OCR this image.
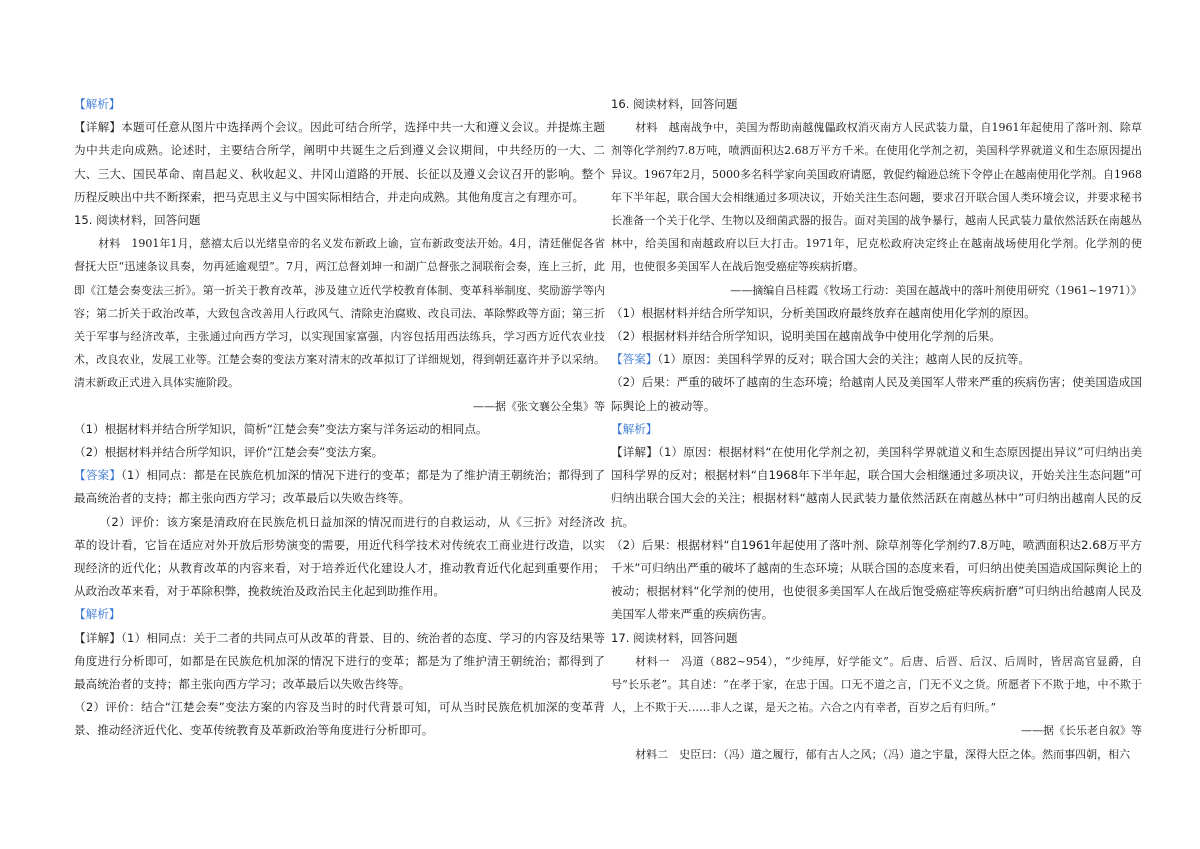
【解析】

【详解】本题可任意从图片中选择两个会议。因此可结合所学，选择中共一大和遵义会议。并提炼主题为中共走向成熟。论述时，主要结合所学，阐明中共诞生之后到遵义会议期间，中共经历的一大、二大、三大、国民革命、南昌起义、秋收起义、井冈山道路的开展、长征以及遵义会议召开的影响。整个历程反映出中共不断探索，把马克思主义与中国实际相结合，并走向成熟。其他角度言之有理亦可。

15. 阅读材料，回答问题

材料　1901年1月，慈禧太后以光绪皇帝的名义发布新政上谕，宣布新政变法开始。4月，清廷催促各省督抚大臣“迅速条议具奏，勿再延逾观望”。7月，两江总督刘坤一和湖广总督张之洞联衔会奏，连上三折，此即《江楚会奏变法三折》。第一折关于教育改革，涉及建立近代学校教育体制、变革科举制度、奖励游学等内容；第二折关于政治改革，大致包含改善用人行政风气、清除吏治腐败、改良司法、革除弊政等方面；第三折关于军事与经济改革，主张通过向西方学习，以实现国家富强，内容包括用西法练兵，学习西方近代农业技术，改良农业，发展工业等。江楚会奏的变法方案对清末的改革拟订了详细规划，得到朝廷嘉许并予以采纳。清末新政正式进入具体实施阶段。

——据《张文襄公全集》等

（1）根据材料并结合所学知识，简析“江楚会奏”变法方案与洋务运动的相同点。

（2）根据材料并结合所学知识，评价“江楚会奏”变法方案。

【答案】（1）相同点：都是在民族危机加深的情况下进行的变革；都是为了维护清王朝统治；都得到了最高统治者的支持；都主张向西方学习；改革最后以失败告终等。

（2）评价：该方案是清政府在民族危机日益加深的情况而进行的自救运动，从《三折》对经济改革的设计看，它旨在适应对外开放后形势演变的需要，用近代科学技术对传统农工商业进行改造，以实现经济的近代化；从教育改革的内容来看，对于培养近代化建设人才，推动教育近代化起到重要作用；从政治改革来看，对于革除积弊，挽救统治及政治民主化起到助推作用。

【解析】

【详解】（1）相同点：关于二者的共同点可从改革的背景、目的、统治者的态度、学习的内容及结果等角度进行分析即可，如都是在民族危机加深的情况下进行的变革；都是为了维护清王朝统治；都得到了最高统治者的支持；都主张向西方学习；改革最后以失败告终等。

（2）评价：结合“江楚会奏”变法方案的内容及当时的时代背景可知，可从当时民族危机加深的变革背景、推动经济近代化、变革传统教育及革新政治等角度进行分析即可。

16. 阅读材料，回答问题

材料　越南战争中，美国为帮助南越傀儡政权消灭南方人民武装力量，自1961年起使用了落叶剂、除草剂等化学剂约7.8万吨，喷洒面积达2.68万平方千米。在使用化学剂之初，美国科学界就道义和生态原因提出异议。1967年2月，5000多名科学家向美国政府请愿，敦促约翰逊总统下令停止在越南使用化学剂。自1968年下半年起，联合国大会相继通过多项决议，开始关注生态问题，要求召开联合国人类环境会议，并要求秘书长准备一个关于化学、生物以及细菌武器的报告。面对美国的战争暴行，越南人民武装力量依然活跃在南越丛林中，给美国和南越政府以巨大打击。1971年，尼克松政府决定终止在越南战场使用化学剂。化学剂的使用，也使很多美国军人在战后饱受癌症等疾病折磨。

——摘编自吕桂霞《牧场工行动：美国在越战中的落叶剂使用研究（1961~1971）》

（1）根据材料并结合所学知识，分析美国政府最终放弃在越南使用化学剂的原因。

（2）根据材料并结合所学知识，说明美国在越南战争中使用化学剂的后果。

【答案】（1）原因：美国科学界的反对；联合国大会的关注；越南人民的反抗等。

（2）后果：严重的破坏了越南的生态环境；给越南人民及美国军人带来严重的疾病伤害；使美国造成国际舆论上的被动等。

【解析】

【详解】（1）原因：根据材料“在使用化学剂之初，美国科学界就道义和生态原因提出异议”可归纳出美国科学界的反对；根据材料“自1968年下半年起，联合国大会相继通过多项决议，开始关注生态问题”可归纳出联合国大会的关注；根据材料“越南人民武装力量依然活跃在南越丛林中”可归纳出越南人民的反抗。

（2）后果：根据材料“自1961年起使用了落叶剂、除草剂等化学剂约7.8万吨，喷洒面积达2.68万平方千米”可归纳出严重的破坏了越南的生态环境；从联合国的态度来看，可归纳出使美国造成国际舆论上的被动；根据材料“化学剂的使用，也使很多美国军人在战后饱受癌症等疾病折磨”可归纳出给越南人民及美国军人带来严重的疾病伤害。

17. 阅读材料，回答问题

材料一　冯道（882~954），“少纯厚，好学能文”。后唐、后晋、后汉、后周时，皆居高官显爵，自号“长乐老”。其自述：“在孝于家，在忠于国。口无不道之言，门无不义之货。所愿者下不欺于地，中不欺于人，上不欺于天……非人之谋，是天之祐。六合之内有幸者，百岁之后有归所。”

——据《长乐老自叙》等

材料二　史臣曰：（冯）道之履行，郁有古人之风；（冯）道之宇量，深得大臣之体。然而事四朝，相六
